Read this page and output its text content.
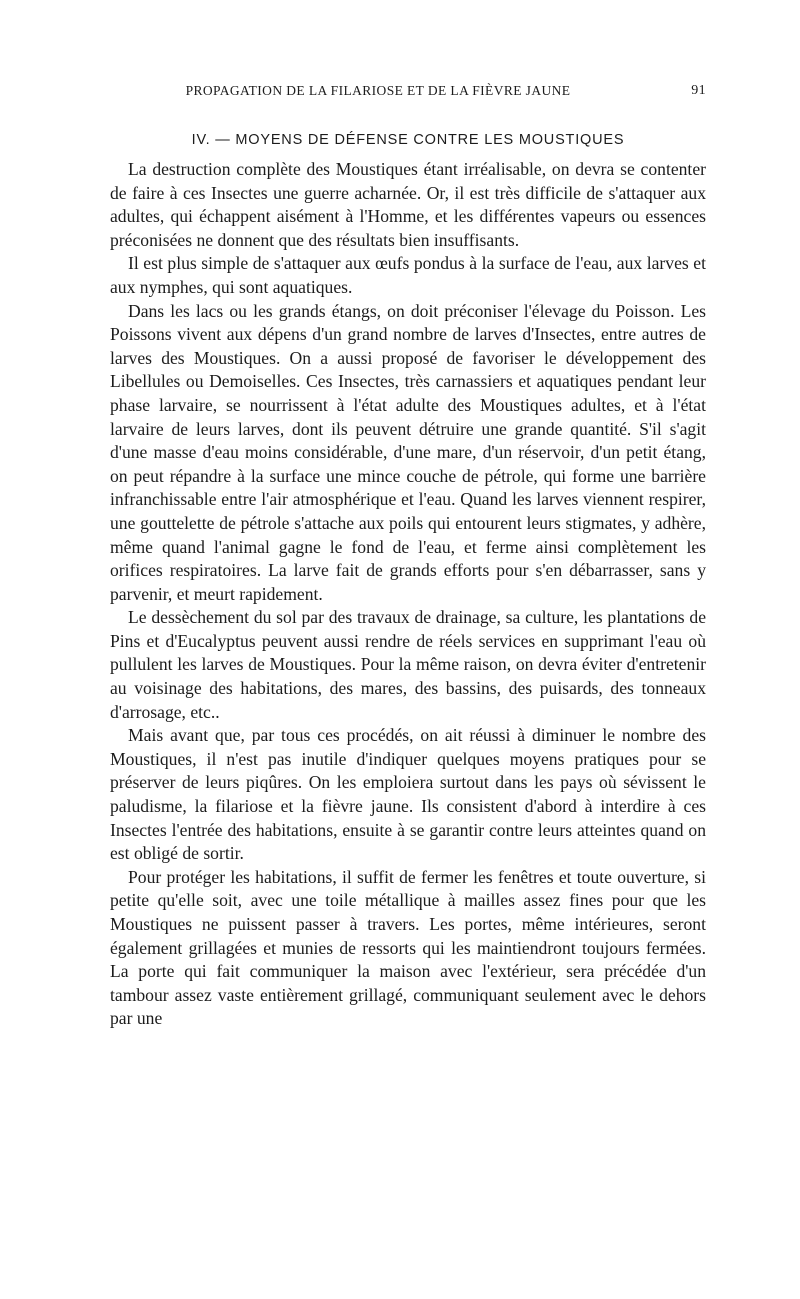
PROPAGATION DE LA FILARIOSE ET DE LA FIÈVRE JAUNE	91
IV. — MOYENS DE DÉFENSE CONTRE LES MOUSTIQUES

La destruction complète des Moustiques étant irréalisable, on devra se contenter de faire à ces Insectes une guerre acharnée. Or, il est très difficile de s'attaquer aux adultes, qui échappent aisément à l'Homme, et les différentes vapeurs ou essences préconisées ne donnent que des résultats bien insuffisants.

Il est plus simple de s'attaquer aux œufs pondus à la surface de l'eau, aux larves et aux nymphes, qui sont aquatiques.

Dans les lacs ou les grands étangs, on doit préconiser l'élevage du Poisson. Les Poissons vivent aux dépens d'un grand nombre de larves d'Insectes, entre autres de larves des Moustiques. On a aussi proposé de favoriser le développement des Libellules ou Demoiselles. Ces Insectes, très carnassiers et aquatiques pendant leur phase larvaire, se nourrissent à l'état adulte des Moustiques adultes, et à l'état larvaire de leurs larves, dont ils peuvent détruire une grande quantité. S'il s'agit d'une masse d'eau moins considérable, d'une mare, d'un réservoir, d'un petit étang, on peut répandre à la surface une mince couche de pétrole, qui forme une barrière infranchissable entre l'air atmosphérique et l'eau. Quand les larves viennent respirer, une gouttelette de pétrole s'attache aux poils qui entourent leurs stigmates, y adhère, même quand l'animal gagne le fond de l'eau, et ferme ainsi complètement les orifices respiratoires. La larve fait de grands efforts pour s'en débarrasser, sans y parvenir, et meurt rapidement.

Le dessèchement du sol par des travaux de drainage, sa culture, les plantations de Pins et d'Eucalyptus peuvent aussi rendre de réels services en supprimant l'eau où pullulent les larves de Moustiques. Pour la même raison, on devra éviter d'entretenir au voisinage des habitations, des mares, des bassins, des puisards, des tonneaux d'arrosage, etc..

Mais avant que, par tous ces procédés, on ait réussi à diminuer le nombre des Moustiques, il n'est pas inutile d'indiquer quelques moyens pratiques pour se préserver de leurs piqûres. On les emploiera surtout dans les pays où sévissent le paludisme, la filariose et la fièvre jaune. Ils consistent d'abord à interdire à ces Insectes l'entrée des habitations, ensuite à se garantir contre leurs atteintes quand on est obligé de sortir.

Pour protéger les habitations, il suffit de fermer les fenêtres et toute ouverture, si petite qu'elle soit, avec une toile métallique à mailles assez fines pour que les Moustiques ne puissent passer à travers. Les portes, même intérieures, seront également grillagées et munies de ressorts qui les maintiendront toujours fermées. La porte qui fait communiquer la maison avec l'extérieur, sera précédée d'un tambour assez vaste entièrement grillagé, communiquant seulement avec le dehors par une
